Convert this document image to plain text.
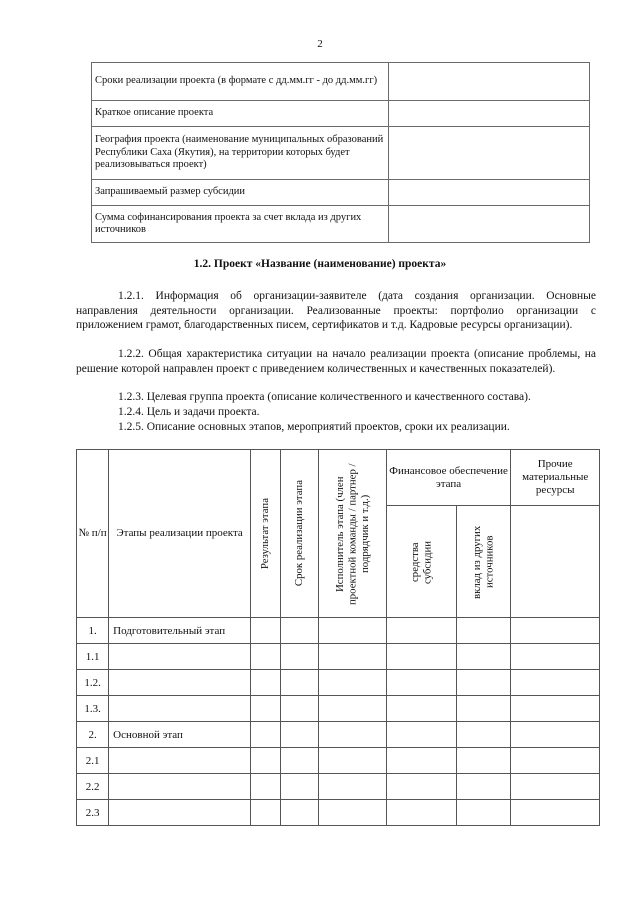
2
Сроки реализации проекта (в формате с дд.мм.гг - до дд.мм.гг)	
Краткое описание проекта	
География проекта (наименование муниципальных образований Республики Саха (Якутия), на территории которых будет реализовываться проект)	
Запрашиваемый размер субсидии	
Сумма софинансирования проекта за счет вклада из других источников	
1.2. Проект «Название (наименование) проекта»
1.2.1. Информация об организации-заявителе (дата создания организации. Основные направления деятельности организации. Реализованные проекты: портфолио организации с приложением грамот, благодарственных писем, сертификатов и т.д. Кадровые ресурсы организации).
1.2.2. Общая характеристика ситуации на начало реализации проекта (описание проблемы, на решение которой направлен проект с приведением количественных и качественных показателей).
1.2.3. Целевая группа проекта (описание количественного и качественного состава).
1.2.4. Цель и задачи проекта.
1.2.5. Описание основных этапов, мероприятий проектов, сроки их реализации.
№ п/п	Этапы реализации проекта	Результат этапа	Срок реализации этапа	Исполнитель этапа (член проектной команды / партнер / подрядчик и т.д.)	Финансовое обеспечение этапа		Прочие материальные ресурсы

					средства субсидии	вклад из других источников	

1.	Подготовительный этап						
1.1							
1.2.							
1.3.							
2.	Основной этап						
2.1							
2.2							
2.3							
